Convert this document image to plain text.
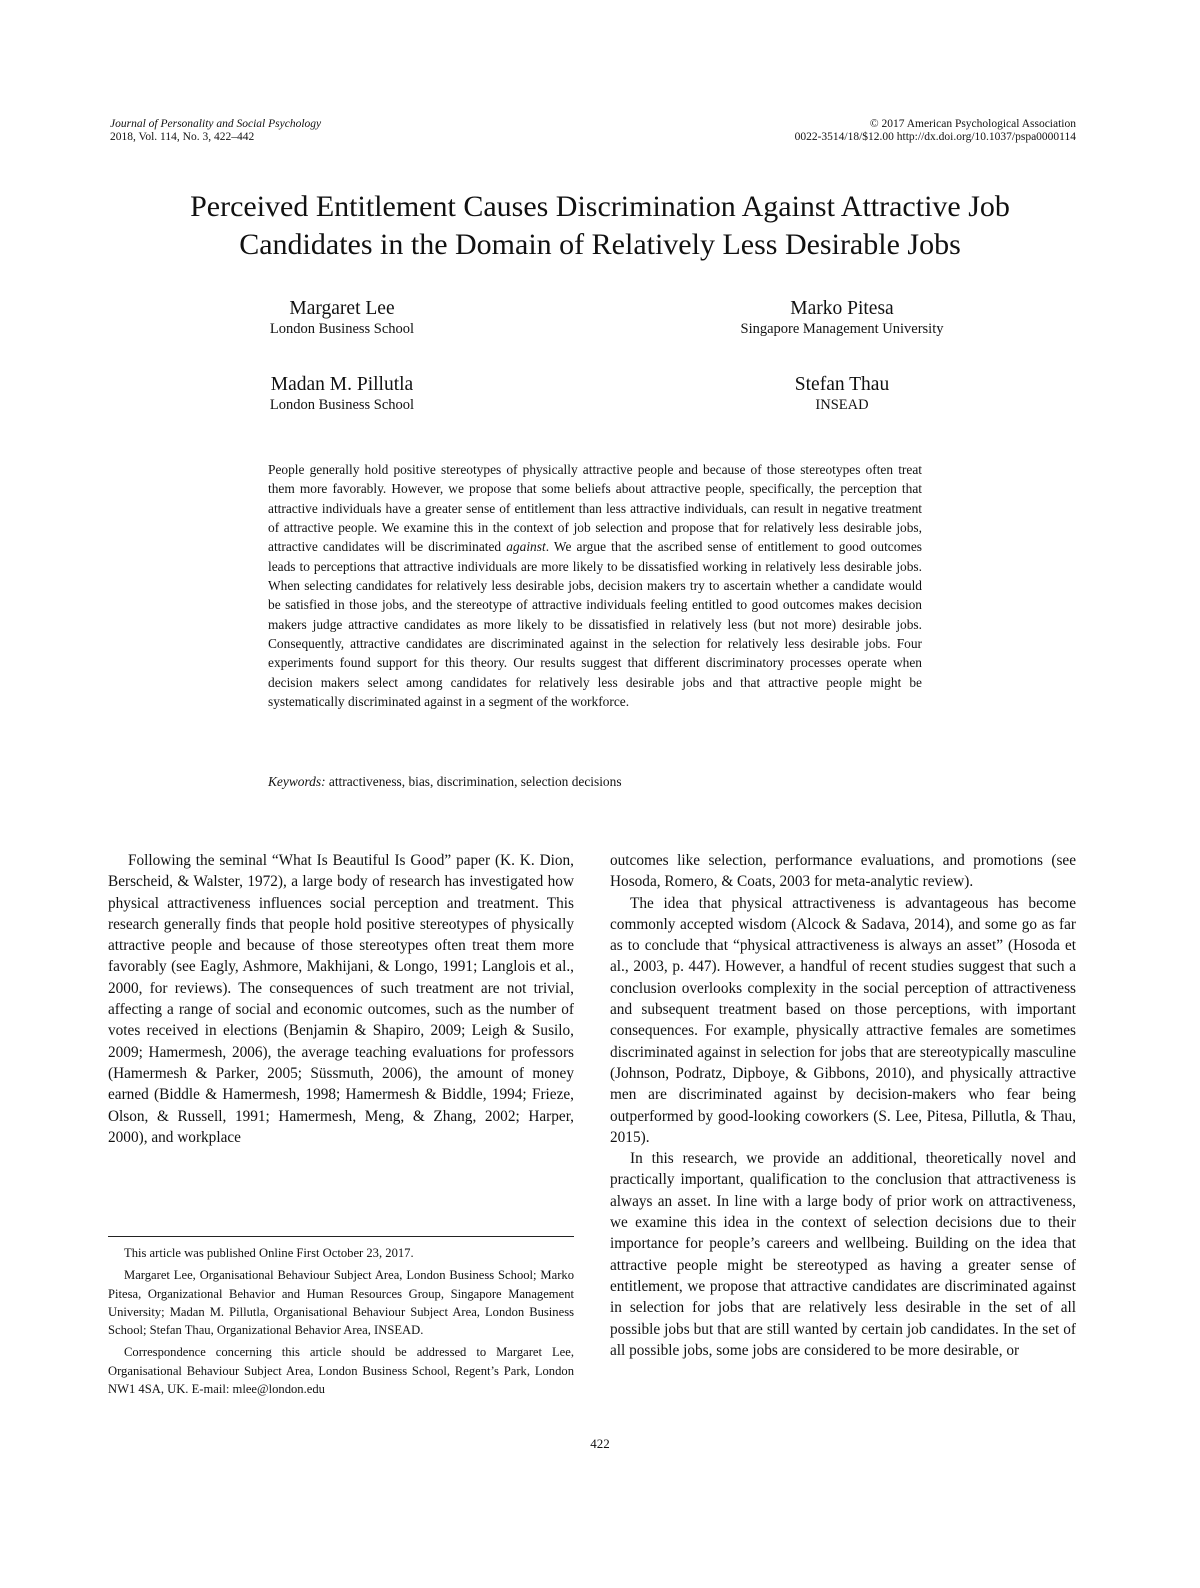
Journal of Personality and Social Psychology
2018, Vol. 114, No. 3, 422–442
© 2017 American Psychological Association
0022-3514/18/$12.00 http://dx.doi.org/10.1037/pspa0000114
Perceived Entitlement Causes Discrimination Against Attractive Job
Candidates in the Domain of Relatively Less Desirable Jobs
Margaret Lee
London Business School
Marko Pitesa
Singapore Management University
Madan M. Pillutla
London Business School
Stefan Thau
INSEAD
People generally hold positive stereotypes of physically attractive people and because of those stereotypes often treat them more favorably. However, we propose that some beliefs about attractive people, specifically, the perception that attractive individuals have a greater sense of entitlement than less attractive individuals, can result in negative treatment of attractive people. We examine this in the context of job selection and propose that for relatively less desirable jobs, attractive candidates will be discriminated against. We argue that the ascribed sense of entitlement to good outcomes leads to perceptions that attractive individuals are more likely to be dissatisfied working in relatively less desirable jobs. When selecting candidates for relatively less desirable jobs, decision makers try to ascertain whether a candidate would be satisfied in those jobs, and the stereotype of attractive individuals feeling entitled to good outcomes makes decision makers judge attractive candidates as more likely to be dissatisfied in relatively less (but not more) desirable jobs. Consequently, attractive candidates are discriminated against in the selection for relatively less desirable jobs. Four experiments found support for this theory. Our results suggest that different discriminatory processes operate when decision makers select among candidates for relatively less desirable jobs and that attractive people might be systematically discriminated against in a segment of the workforce.
Keywords: attractiveness, bias, discrimination, selection decisions

Following the seminal “What Is Beautiful Is Good” paper (K. K. Dion, Berscheid, & Walster, 1972), a large body of research has investigated how physical attractiveness influences social perception and treatment. This research generally finds that people hold positive stereotypes of physically attractive people and because of those stereotypes often treat them more favorably (see Eagly, Ashmore, Makhijani, & Longo, 1991; Langlois et al., 2000, for reviews). The consequences of such treatment are not trivial, affecting a range of social and economic outcomes, such as the number of votes received in elections (Benjamin & Shapiro, 2009; Leigh & Susilo, 2009; Hamermesh, 2006), the average teaching evaluations for professors (Hamermesh & Parker, 2005; Süssmuth, 2006), the amount of money earned (Biddle & Hamermesh, 1998; Hamermesh & Biddle, 1994; Frieze, Olson, & Russell, 1991; Hamermesh, Meng, & Zhang, 2002; Harper, 2000), and workplace

outcomes like selection, performance evaluations, and promotions (see Hosoda, Romero, & Coats, 2003 for meta-analytic review).

The idea that physical attractiveness is advantageous has become commonly accepted wisdom (Alcock & Sadava, 2014), and some go as far as to conclude that “physical attractiveness is always an asset” (Hosoda et al., 2003, p. 447). However, a handful of recent studies suggest that such a conclusion overlooks complexity in the social perception of attractiveness and subsequent treatment based on those perceptions, with important consequences. For example, physically attractive females are sometimes discriminated against in selection for jobs that are stereotypically masculine (Johnson, Podratz, Dipboye, & Gibbons, 2010), and physically attractive men are discriminated against by decision-makers who fear being outperformed by good-looking coworkers (S. Lee, Pitesa, Pillutla, & Thau, 2015).

In this research, we provide an additional, theoretically novel and practically important, qualification to the conclusion that attractiveness is always an asset. In line with a large body of prior work on attractiveness, we examine this idea in the context of selection decisions due to their importance for people’s careers and wellbeing. Building on the idea that attractive people might be stereotyped as having a greater sense of entitlement, we propose that attractive candidates are discriminated against in selection for jobs that are relatively less desirable in the set of all possible jobs but that are still wanted by certain job candidates. In the set of all possible jobs, some jobs are considered to be more desirable, or

This article was published Online First October 23, 2017.

Margaret Lee, Organisational Behaviour Subject Area, London Business School; Marko Pitesa, Organizational Behavior and Human Resources Group, Singapore Management University; Madan M. Pillutla, Organisational Behaviour Subject Area, London Business School; Stefan Thau, Organizational Behavior Area, INSEAD.

Correspondence concerning this article should be addressed to Margaret Lee, Organisational Behaviour Subject Area, London Business School, Regent’s Park, London NW1 4SA, UK. E-mail: mlee@london.edu

422
